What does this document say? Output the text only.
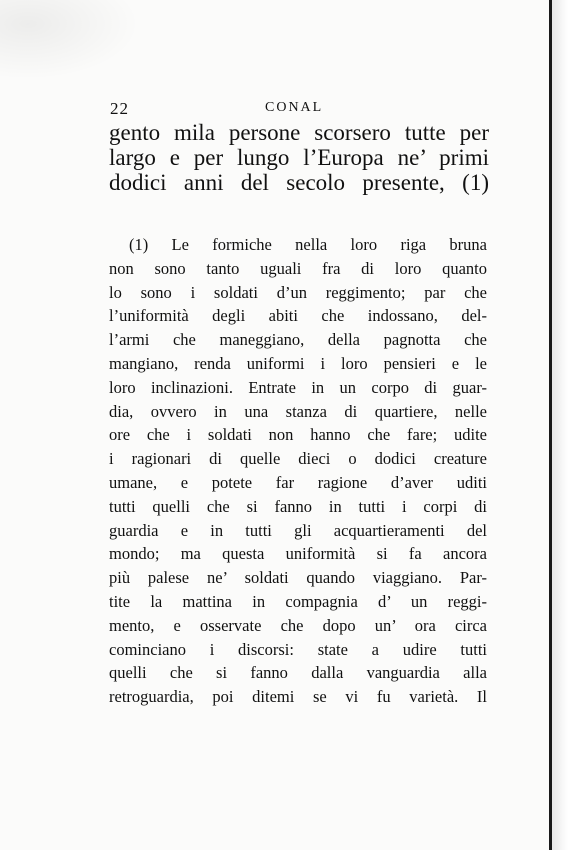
22	CONAL
gento mila persone scorsero tutte per
largo e per lungo l’Europa ne’ primi
dodici anni del secolo presente, (1)
(1) Le formiche nella loro riga bruna
non sono tanto uguali fra di loro quanto
lo sono i soldati d’un reggimento; par che
l’uniformità degli abiti che indossano, del-
l’armi che maneggiano, della pagnotta che
mangiano, renda uniformi i loro pensieri e le
loro inclinazioni. Entrate in un corpo di guar-
dia, ovvero in una stanza di quartiere, nelle
ore che i soldati non hanno che fare; udite
i ragionari di quelle dieci o dodici creature
umane, e potete far ragione d’aver uditi
tutti quelli che si fanno in tutti i corpi di
guardia e in tutti gli acquartieramenti del
mondo; ma questa uniformità si fa ancora
più palese ne’ soldati quando viaggiano. Par-
tite la mattina in compagnia d’ un reggi-
mento, e osservate che dopo un’ ora circa
cominciano i discorsi: state a udire tutti
quelli che si fanno dalla vanguardia alla
retroguardia, poi ditemi se vi fu varietà. Il
